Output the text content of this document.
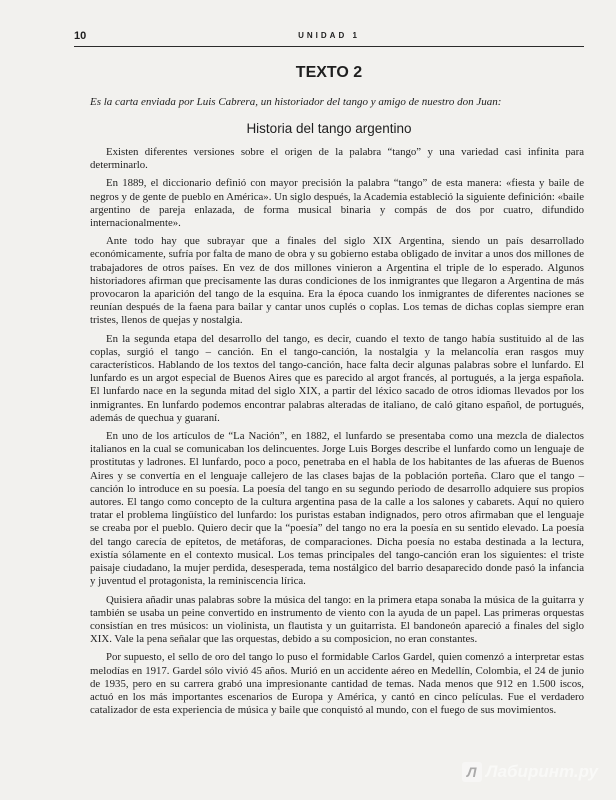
10	UNIDAD 1
TEXTO 2
Es la carta enviada por Luis Cabrera, un historiador del tango y amigo de nuestro don Juan:
Historia del tango argentino

Existen diferentes versiones sobre el origen de la palabra “tango” y una variedad casi infinita para determinarlo.

En 1889, el diccionario definió con mayor precisión la palabra “tango” de esta manera: «fiesta y baile de negros y de gente de pueblo en América». Un siglo después, la Academia estableció la siguiente definición: «baile argentino de pareja enlazada, de forma musical binaria y compás de dos por cuatro, difundido internacionalmente».

Ante todo hay que subrayar que a finales del siglo XIX Argentina, siendo un país desarrollado económicamente, sufría por falta de mano de obra y su gobierno estaba obligado de invitar a unos dos millones de trabajadores de otros países. En vez de dos millones vinieron a Argentina el triple de lo esperado. Algunos historiadores afirman que precisamente las duras condiciones de los inmigrantes que llegaron a Argentina de más provocaron la aparición del tango de la esquina. Era la época cuando los inmigrantes de diferentes naciones se reunían después de la faena para bailar y cantar unos cuplés o coplas. Los temas de dichas coplas siempre eran tristes, llenos de quejas y nostalgia.

En la segunda etapa del desarrollo del tango, es decir, cuando el texto de tango había sustituido al de las coplas, surgió el tango – canción. En el tango-canción, la nostalgia y la melancolía eran rasgos muy característicos. Hablando de los textos del tango-canción, hace falta decir algunas palabras sobre el lunfardo. El lunfardo es un argot especial de Buenos Aires que es parecido al argot francés, al portugués, a la jerga española. El lunfardo nace en la segunda mitad del siglo XIX, a partir del léxico sacado de otros idiomas llevados por los inmigrantes. En lunfardo podemos encontrar palabras alteradas de italiano, de caló gitano español, de portugués, además de quechua y guaraní.

En uno de los artículos de “La Nación”, en 1882, el lunfardo se presentaba como una mezcla de dialectos italianos en la cual se comunicaban los delincuentes. Jorge Luis Borges describe el lunfardo como un lenguaje de prostitutas y ladrones. El lunfardo, poco a poco, penetraba en el habla de los habitantes de las afueras de Buenos Aires y se convertía en el lenguaje callejero de las clases bajas de la población porteña. Claro que el tango – canción lo introduce en su poesía. La poesía del tango en su segundo periodo de desarrollo adquiere sus propios autores. El tango como concepto de la cultura argentina pasa de la calle a los salones y cabarets. Aquí no quiero tratar el problema lingüístico del lunfardo: los puristas estaban indignados, pero otros afirmaban que el lenguaje se creaba por el pueblo. Quiero decir que la “poesía” del tango no era la poesía en su sentido elevado. La poesía del tango carecía de epítetos, de metáforas, de comparaciones. Dicha poesía no estaba destinada a la lectura, existía sólamente en el contexto musical. Los temas principales del tango-canción eran los siguientes: el triste paisaje ciudadano, la mujer perdida, desesperada, tema nostálgico del barrio desaparecido donde pasó la infancia y juventud el protagonista, la reminiscencia lírica.

Quisiera añadir unas palabras sobre la música del tango: en la primera etapa sonaba la música de la guitarra y también se usaba un peine convertido en instrumento de viento con la ayuda de un papel. Las primeras orquestas consistían en tres músicos: un violinista, un flautista y un guitarrista. El bandoneón apareció a finales del siglo XIX. Vale la pena señalar que las orquestas, debido a su composicion, no eran constantes.

Por supuesto, el sello de oro del tango lo puso el formidable Carlos Gardel, quien comenzó a interpretar estas melodías en 1917. Gardel sólo vivió 45 años. Murió en un accidente aéreo en Medellín, Colombia, el 24 de junio de 1935, pero en su carrera grabó una impresionante cantidad de temas. Nada menos que 912 en 1.500 iscos, actuó en los más importantes escenarios de Europa y América, y cantó en cinco películas. Fue el verdadero catalizador de esta experiencia de música y baile que conquistó al mundo, con el fuego de sus movimientos.

Л Лабиринт.ру
